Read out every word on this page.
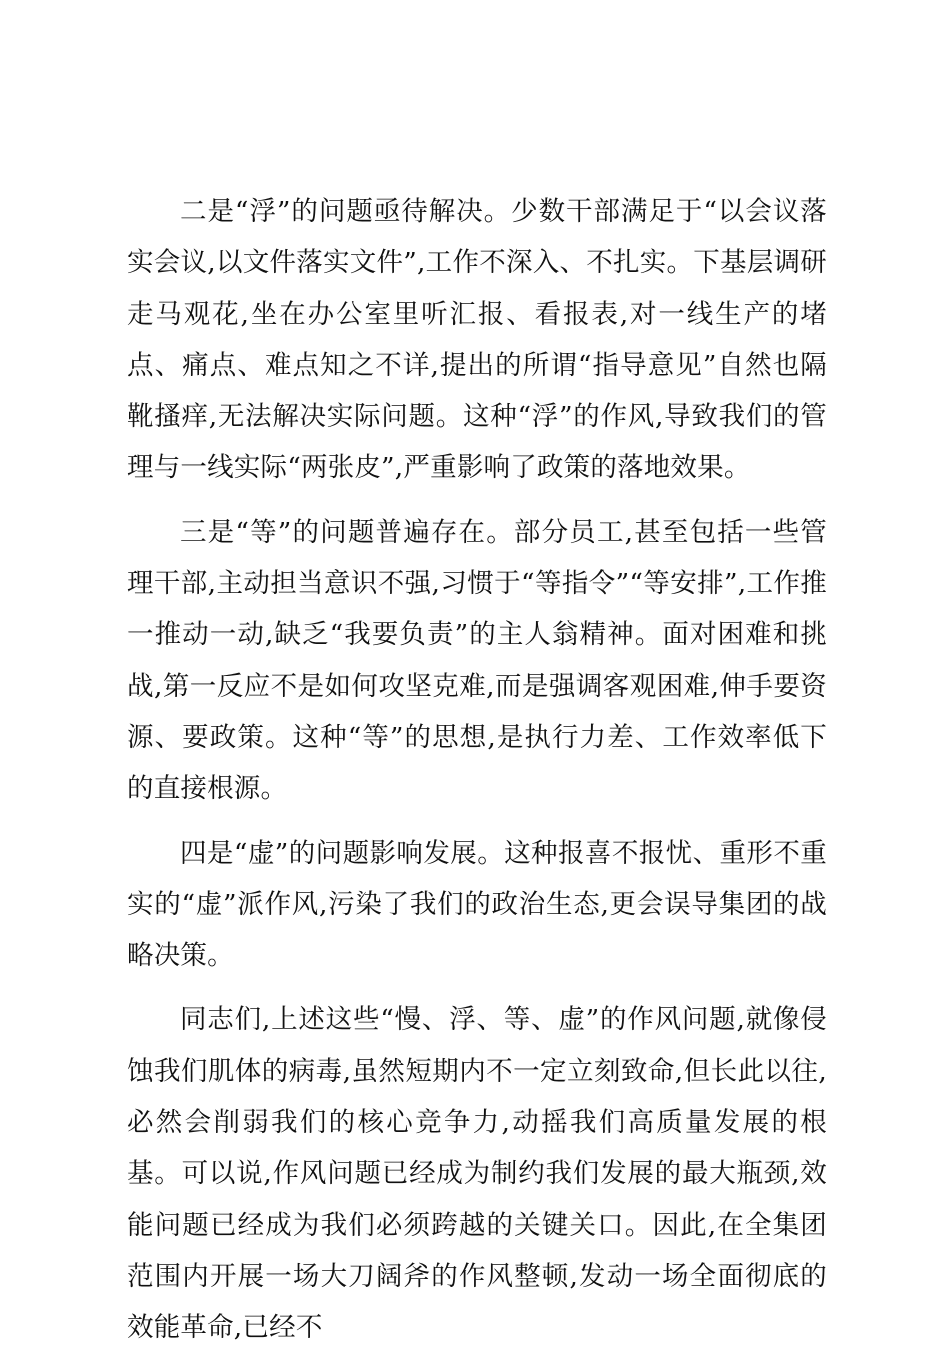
二是“浮”的问题亟待解决。少数干部满足于“以会议落实会议,以文件落实文件”,工作不深入、不扎实。下基层调研走马观花,坐在办公室里听汇报、看报表,对一线生产的堵点、痛点、难点知之不详,提出的所谓“指导意见”自然也隔靴搔痒,无法解决实际问题。这种“浮”的作风,导致我们的管理与一线实际“两张皮”,严重影响了政策的落地效果。

三是“等”的问题普遍存在。部分员工,甚至包括一些管理干部,主动担当意识不强,习惯于“等指令”“等安排”,工作推一推动一动,缺乏“我要负责”的主人翁精神。面对困难和挑战,第一反应不是如何攻坚克难,而是强调客观困难,伸手要资源、要政策。这种“等”的思想,是执行力差、工作效率低下的直接根源。

四是“虚”的问题影响发展。这种报喜不报忧、重形不重实的“虚”派作风,污染了我们的政治生态,更会误导集团的战略决策。

同志们,上述这些“慢、浮、等、虚”的作风问题,就像侵蚀我们肌体的病毒,虽然短期内不一定立刻致命,但长此以往,必然会削弱我们的核心竞争力,动摇我们高质量发展的根基。可以说,作风问题已经成为制约我们发展的最大瓶颈,效能问题已经成为我们必须跨越的关键关口。因此,在全集团范围内开展一场大刀阔斧的作风整顿,发动一场全面彻底的效能革命,已经不
